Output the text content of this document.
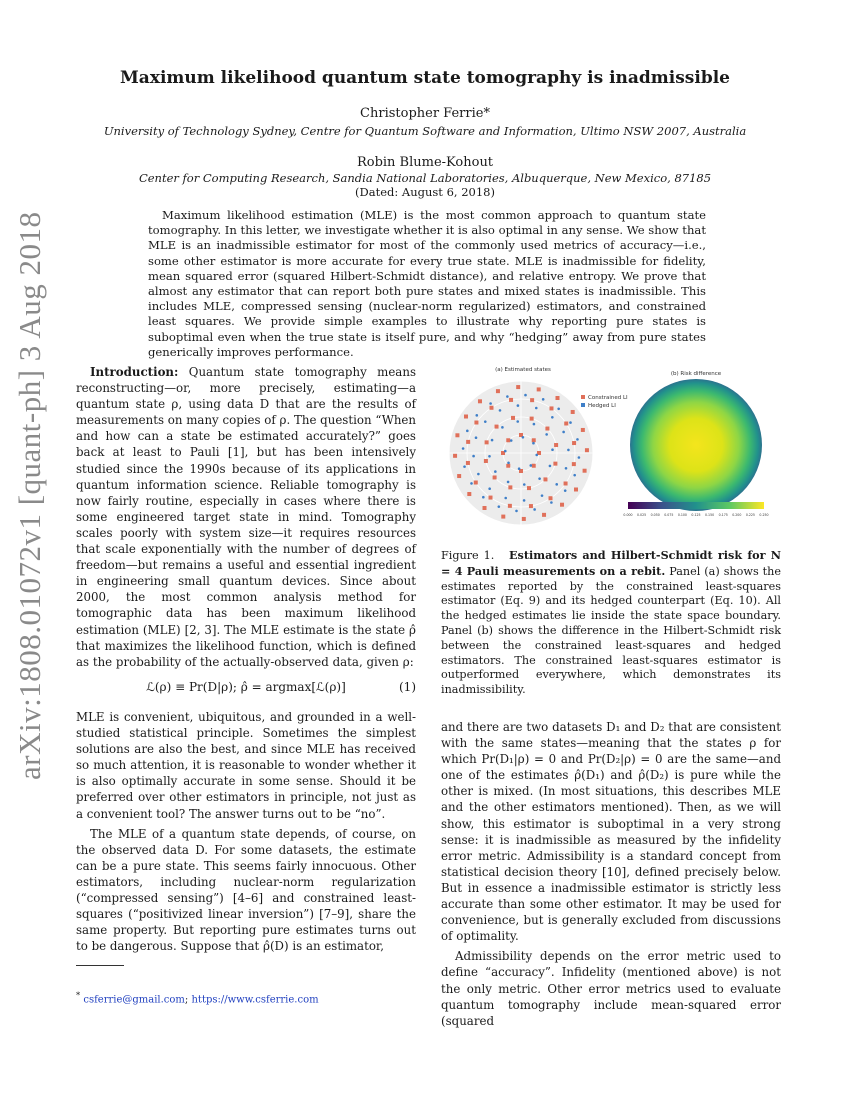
arXiv:1808.01072v1 [quant-ph] 3 Aug 2018
Maximum likelihood quantum state tomography is inadmissible
Christopher Ferrie*
University of Technology Sydney, Centre for Quantum Software and Information, Ultimo NSW 2007, Australia
Robin Blume-Kohout
Center for Computing Research, Sandia National Laboratories, Albuquerque, New Mexico, 87185
(Dated: August 6, 2018)

Maximum likelihood estimation (MLE) is the most common approach to quantum state tomography. In this letter, we investigate whether it is also optimal in any sense. We show that MLE is an inadmissible estimator for most of the commonly used metrics of accuracy—i.e., some other estimator is more accurate for every true state. MLE is inadmissible for fidelity, mean squared error (squared Hilbert-Schmidt distance), and relative entropy. We prove that almost any estimator that can report both pure states and mixed states is inadmissible. This includes MLE, compressed sensing (nuclear-norm regularized) estimators, and constrained least squares. We provide simple examples to illustrate why reporting pure states is suboptimal even when the true state is itself pure, and why “hedging” away from pure states generically improves performance.

Introduction: Quantum state tomography means reconstructing—or, more precisely, estimating—a quantum state ρ, using data D that are the results of measurements on many copies of ρ. The question “When and how can a state be estimated accurately?” goes back at least to Pauli [1], but has been intensively studied since the 1990s because of its applications in quantum information science. Reliable tomography is now fairly routine, especially in cases where there is some engineered target state in mind. Tomography scales poorly with system size—it requires resources that scale exponentially with the number of degrees of freedom—but remains a useful and essential ingredient in engineering small quantum devices. Since about 2000, the most common analysis method for tomographic data has been maximum likelihood estimation (MLE) [2, 3]. The MLE estimate is the state ρ̂ that maximizes the likelihood function, which is defined as the probability of the actually-observed data, given ρ:

ℒ(ρ) ≡ Pr(D|ρ); ρ̂ = argmax[ℒ(ρ)]	(1)

MLE is convenient, ubiquitous, and grounded in a well-studied statistical principle. Sometimes the simplest solutions are also the best, and since MLE has received so much attention, it is reasonable to wonder whether it is also optimally accurate in some sense. Should it be preferred over other estimators in principle, not just as a convenient tool? The answer turns out to be “no”.

The MLE of a quantum state depends, of course, on the observed data D. For some datasets, the estimate can be a pure state. This seems fairly innocuous. Other estimators, including nuclear-norm regularization (“compressed sensing”) [4–6] and constrained least-squares (“positivized linear inversion”) [7–9], share the same property. But reporting pure estimates turns out to be dangerous. Suppose that ρ̂(D) is an estimator,

(a) Estimated states
Constrained LI
Hedged LI
(b) Risk difference
0.000 0.025 0.050 0.075 0.100 0.125 0.150 0.175 0.200 0.225 0.250

Figure 1. Estimators and Hilbert-Schmidt risk for N = 4 Pauli measurements on a rebit. Panel (a) shows the estimates reported by the constrained least-squares estimator (Eq. 9) and its hedged counterpart (Eq. 10). All the hedged estimates lie inside the state space boundary. Panel (b) shows the difference in the Hilbert-Schmidt risk between the constrained least-squares and hedged estimators. The constrained least-squares estimator is outperformed everywhere, which demonstrates its inadmissibility.

and there are two datasets D₁ and D₂ that are consistent with the same states—meaning that the states ρ for which Pr(D₁|ρ) = 0 and Pr(D₂|ρ) = 0 are the same—and one of the estimates ρ̂(D₁) and ρ̂(D₂) is pure while the other is mixed. (In most situations, this describes MLE and the other estimators mentioned). Then, as we will show, this estimator is suboptimal in a very strong sense: it is inadmissible as measured by the infidelity error metric. Admissibility is a standard concept from statistical decision theory [10], defined precisely below. But in essence a inadmissible estimator is strictly less accurate than some other estimator. It may be used for convenience, but is generally excluded from discussions of optimality.

Admissibility depends on the error metric used to define “accuracy”. Infidelity (mentioned above) is not the only metric. Other error metrics used to evaluate quantum tomography include mean-squared error (squared

* csferrie@gmail.com; https://www.csferrie.com
